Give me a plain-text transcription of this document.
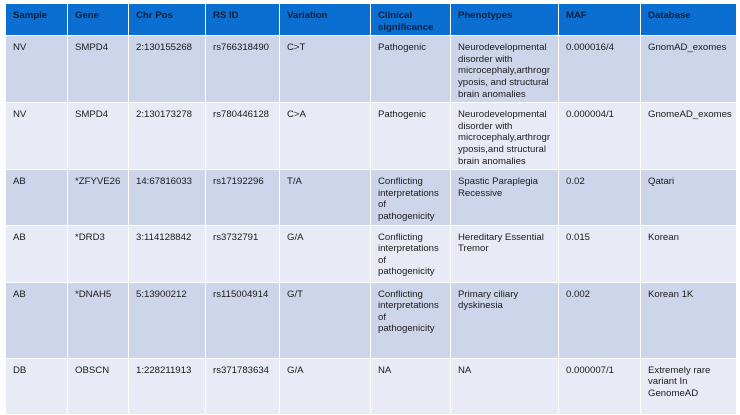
Sample	Gene	Chr Pos	RS ID	Variation	Clinical significance	Phenotypes	MAF	Database
NV	SMPD4	2:130155268	rs766318490	C>T	Pathogenic	Neurodevelopmental disorder with microcephaly,arthrogr yposis, and structural brain anomalies	0.000016/4	GnomAD_exomes
NV	SMPD4	2:130173278	rs780446128	C>A	Pathogenic	Neurodevelopmental disorder with microcephaly,arthrogr yposis,and structural brain anomalies	0.000004/1	GnomeAD_exomes
AB	*ZFYVE26	14:67816033	rs17192296	T/A	Conflicting interpretations of pathogenicity	Spastic Paraplegia Recessive	0.02	Qatari
AB	*DRD3	3:114128842	rs3732791	G/A	Conflicting interpretations of pathogenicity	Hereditary Essential Tremor	0.015	Korean
AB	*DNAH5	5:13900212	rs115004914	G/T	Conflicting interpretations of pathogenicity	Primary ciliary dyskinesia	0.002	Korean 1K
DB	OBSCN	1:228211913	rs371783634	G/A	NA	NA	0.000007/1	Extremely rare variant In GenomeAD
